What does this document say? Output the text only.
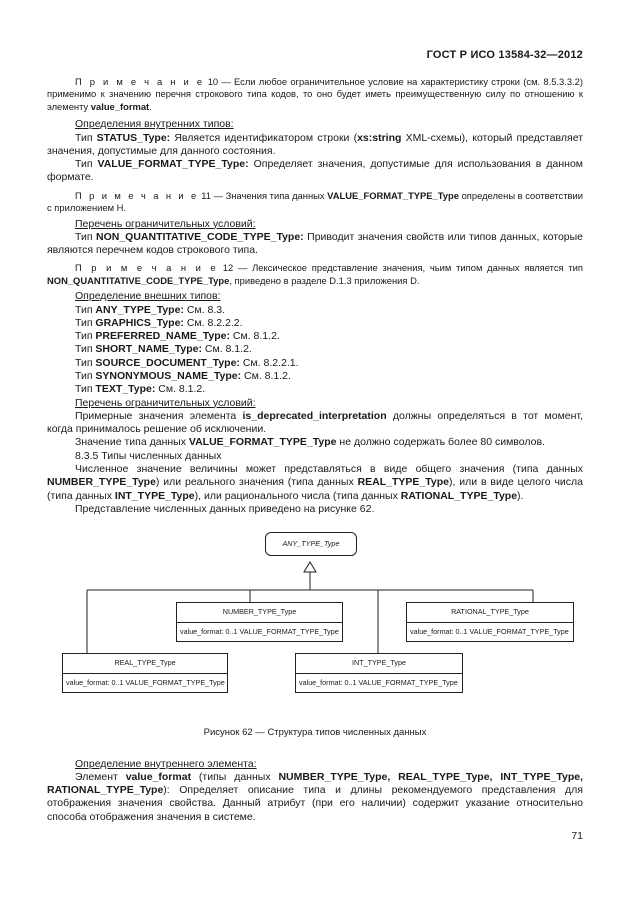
ГОСТ Р ИСО 13584-32—2012

П р и м е ч а н и е 10 — Если любое ограничительное условие на характеристику строки (см. 8.5.3.3.2) применимо к значению перечня строкового типа кодов, то оно будет иметь преимущественную силу по отношению к элементу value_format.

Определения внутренних типов:

Тип STATUS_Type: Является идентификатором строки (xs:string XML-схемы), который представляет значения, допустимые для данного состояния.

Тип VALUE_FORMAT_TYPE_Type: Определяет значения, допустимые для использования в данном формате.

П р и м е ч а н и е 11 — Значения типа данных VALUE_FORMAT_TYPE_Type определены в соответствии с приложением H.

Перечень ограничительных условий:

Тип NON_QUANTITATIVE_CODE_TYPE_Type: Приводит значения свойств или типов данных, которые являются перечнем кодов строкового типа.

П р и м е ч а н и е 12 — Лексическое представление значения, чьим типом данных является тип NON_QUANTITATIVE_CODE_TYPE_Type, приведено в разделе D.1.3 приложения D.

Определение внешних типов:

Тип ANY_TYPE_Type: См. 8.3.

Тип GRAPHICS_Type: См. 8.2.2.2.

Тип PREFERRED_NAME_Type: См. 8.1.2.

Тип SHORT_NAME_Type: См. 8.1.2.

Тип SOURCE_DOCUMENT_Type: См. 8.2.2.1.

Тип SYNONYMOUS_NAME_Type: См. 8.1.2.

Тип TEXT_Type: См. 8.1.2.

Перечень ограничительных условий:

Примерные значения элемента is_deprecated_interpretation должны определяться в тот момент, когда принималось решение об исключении.

Значение типа данных VALUE_FORMAT_TYPE_Type не должно содержать более 80 символов.

8.3.5 Типы численных данных

Численное значение величины может представляться в виде общего значения (типа данных NUMBER_TYPE_Type) или реального значения (типа данных REAL_TYPE_Type), или в виде целого числа (типа данных INT_TYPE_Type), или рационального числа (типа данных RATIONAL_TYPE_Type).

Представление численных данных приведено на рисунке 62.

ANY_TYPE_Type
NUMBER_TYPE_Type
value_format: 0..1 VALUE_FORMAT_TYPE_Type
RATIONAL_TYPE_Type
value_format: 0..1 VALUE_FORMAT_TYPE_Type
REAL_TYPE_Type
value_format: 0..1 VALUE_FORMAT_TYPE_Type
INT_TYPE_Type
value_format: 0..1 VALUE_FORMAT_TYPE_Type
Рисунок 62 — Структура типов численных данных

Определение внутреннего элемента:

Элемент value_format (типы данных NUMBER_TYPE_Type, REAL_TYPE_Type, INT_TYPE_Type, RATIONAL_TYPE_Type): Определяет описание типа и длины рекомендуемого представления для отображения значения свойства. Данный атрибут (при его наличии) содержит указание относительно способа отображения значения в системе.

71
